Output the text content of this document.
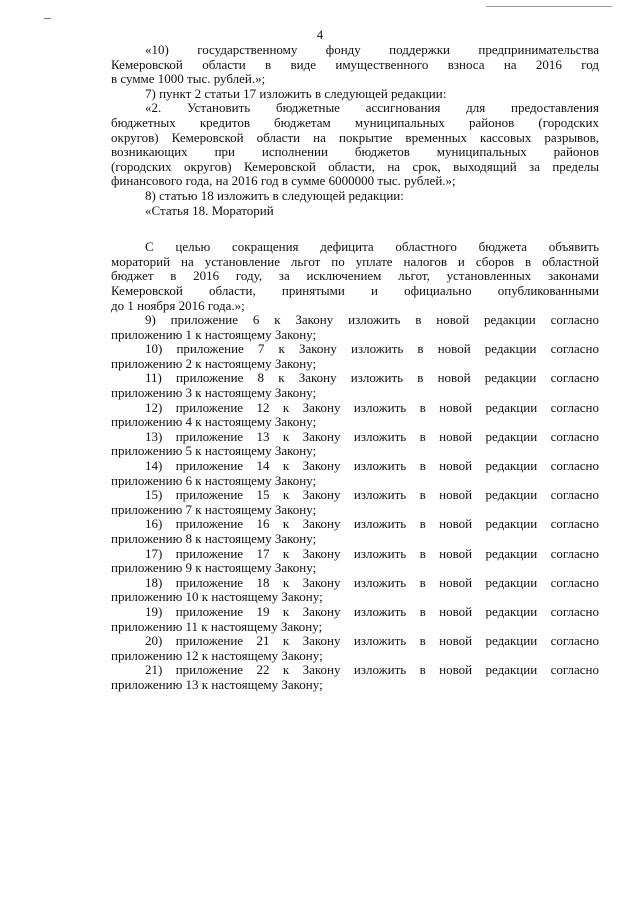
4
«10) государственному фонду поддержки предпринимательства
Кемеровской области в виде имущественного взноса на 2016 год
в сумме 1000 тыс. рублей.»;
7) пункт 2 статьи 17 изложить в следующей редакции:
«2. Установить бюджетные ассигнования для предоставления
бюджетных кредитов бюджетам муниципальных районов (городских
округов) Кемеровской области на покрытие временных кассовых разрывов,
возникающих при исполнении бюджетов муниципальных районов
(городских округов) Кемеровской области, на срок, выходящий за пределы
финансового года, на 2016 год в сумме 6000000 тыс. рублей.»;
8) статью 18 изложить в следующей редакции:
«Статья 18. Мораторий
С целью сокращения дефицита областного бюджета объявить
мораторий на установление льгот по уплате налогов и сборов в областной
бюджет в 2016 году, за исключением льгот, установленных законами
Кемеровской области, принятыми и официально опубликованными
до 1 ноября 2016 года.»;
9) приложение 6 к Закону изложить в новой редакции согласно
приложению 1 к настоящему Закону;
10) приложение 7 к Закону изложить в новой редакции согласно
приложению 2 к настоящему Закону;
11) приложение 8 к Закону изложить в новой редакции согласно
приложению 3 к настоящему Закону;
12) приложение 12 к Закону изложить в новой редакции согласно
приложению 4 к настоящему Закону;
13) приложение 13 к Закону изложить в новой редакции согласно
приложению 5 к настоящему Закону;
14) приложение 14 к Закону изложить в новой редакции согласно
приложению 6 к настоящему Закону;
15) приложение 15 к Закону изложить в новой редакции согласно
приложению 7 к настоящему Закону;
16) приложение 16 к Закону изложить в новой редакции согласно
приложению 8 к настоящему Закону;
17) приложение 17 к Закону изложить в новой редакции согласно
приложению 9 к настоящему Закону;
18) приложение 18 к Закону изложить в новой редакции согласно
приложению 10 к настоящему Закону;
19) приложение 19 к Закону изложить в новой редакции согласно
приложению 11 к настоящему Закону;
20) приложение 21 к Закону изложить в новой редакции согласно
приложению 12 к настоящему Закону;
21) приложение 22 к Закону изложить в новой редакции согласно
приложению 13 к настоящему Закону;
